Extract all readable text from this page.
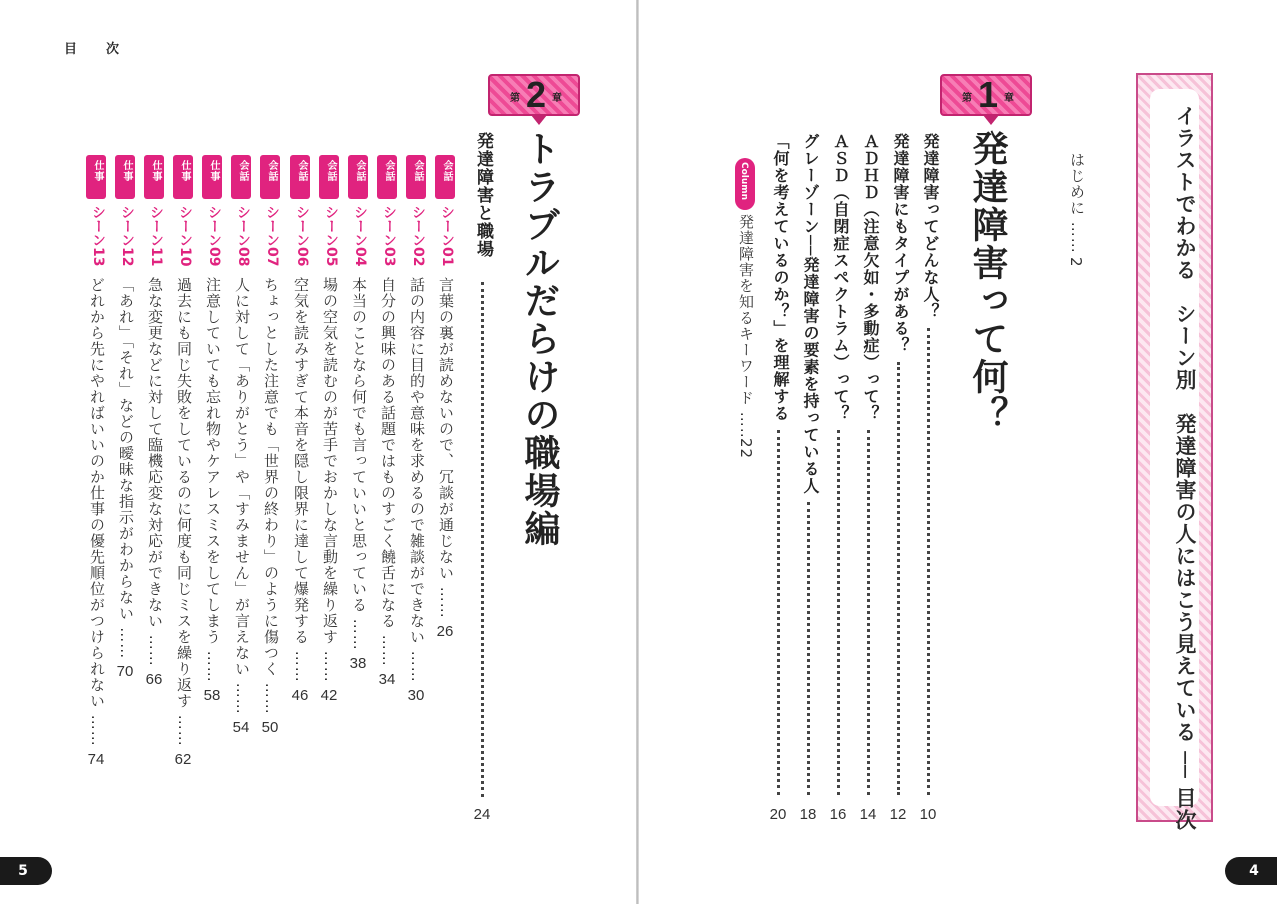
目　次
5
第 2 章
トラブルだらけの職場編
発達障害と職場
24
会話
シーン01
言葉の裏が読めないので、冗談が通じない ……
26
会話
シーン02
話の内容に目的や意味を求めるので雑談ができない ……
30
会話
シーン03
自分の興味のある話題ではものすごく饒舌になる ……
34
会話
シーン04
本当のことなら何でも言っていいと思っている ……
38
会話
シーン05
場の空気を読むのが苦手でおかしな言動を繰り返す ……
42
会話
シーン06
空気を読みすぎて本音を隠し限界に達して爆発する ……
46
会話
シーン07
ちょっとした注意でも「世界の終わり」のように傷つく ……
50
会話
シーン08
人に対して「ありがとう」や「すみません」が言えない ……
54
仕事
シーン09
注意していても忘れ物やケアレスミスをしてしまう ……
58
仕事
シーン10
過去にも同じ失敗をしているのに何度も同じミスを繰り返す ……
62
仕事
シーン11
急な変更などに対して臨機応変な対応ができない ……
66
仕事
シーン12
「あれ」「それ」などの曖昧な指示がわからない ……
70
仕事
シーン13
どれから先にやればいいのか仕事の優先順位がつけられない ……
74
4
イラストでわかる　シーン別　発達障害の人にはこう見えている ── 目次
はじめに ……
2
第 1 章
発達障害って何？
発達障害ってどんな人？
10
発達障害にもタイプがある？
12
ＡＤＨＤ（注意欠如・多動症）って？
14
ＡＳＤ（自閉症スペクトラム）って？
16
グレーゾーン──発達障害の要素を持っている人
18
「何を考えているのか？」を理解する
20
Column
発達障害を知るキーワード ……
22
